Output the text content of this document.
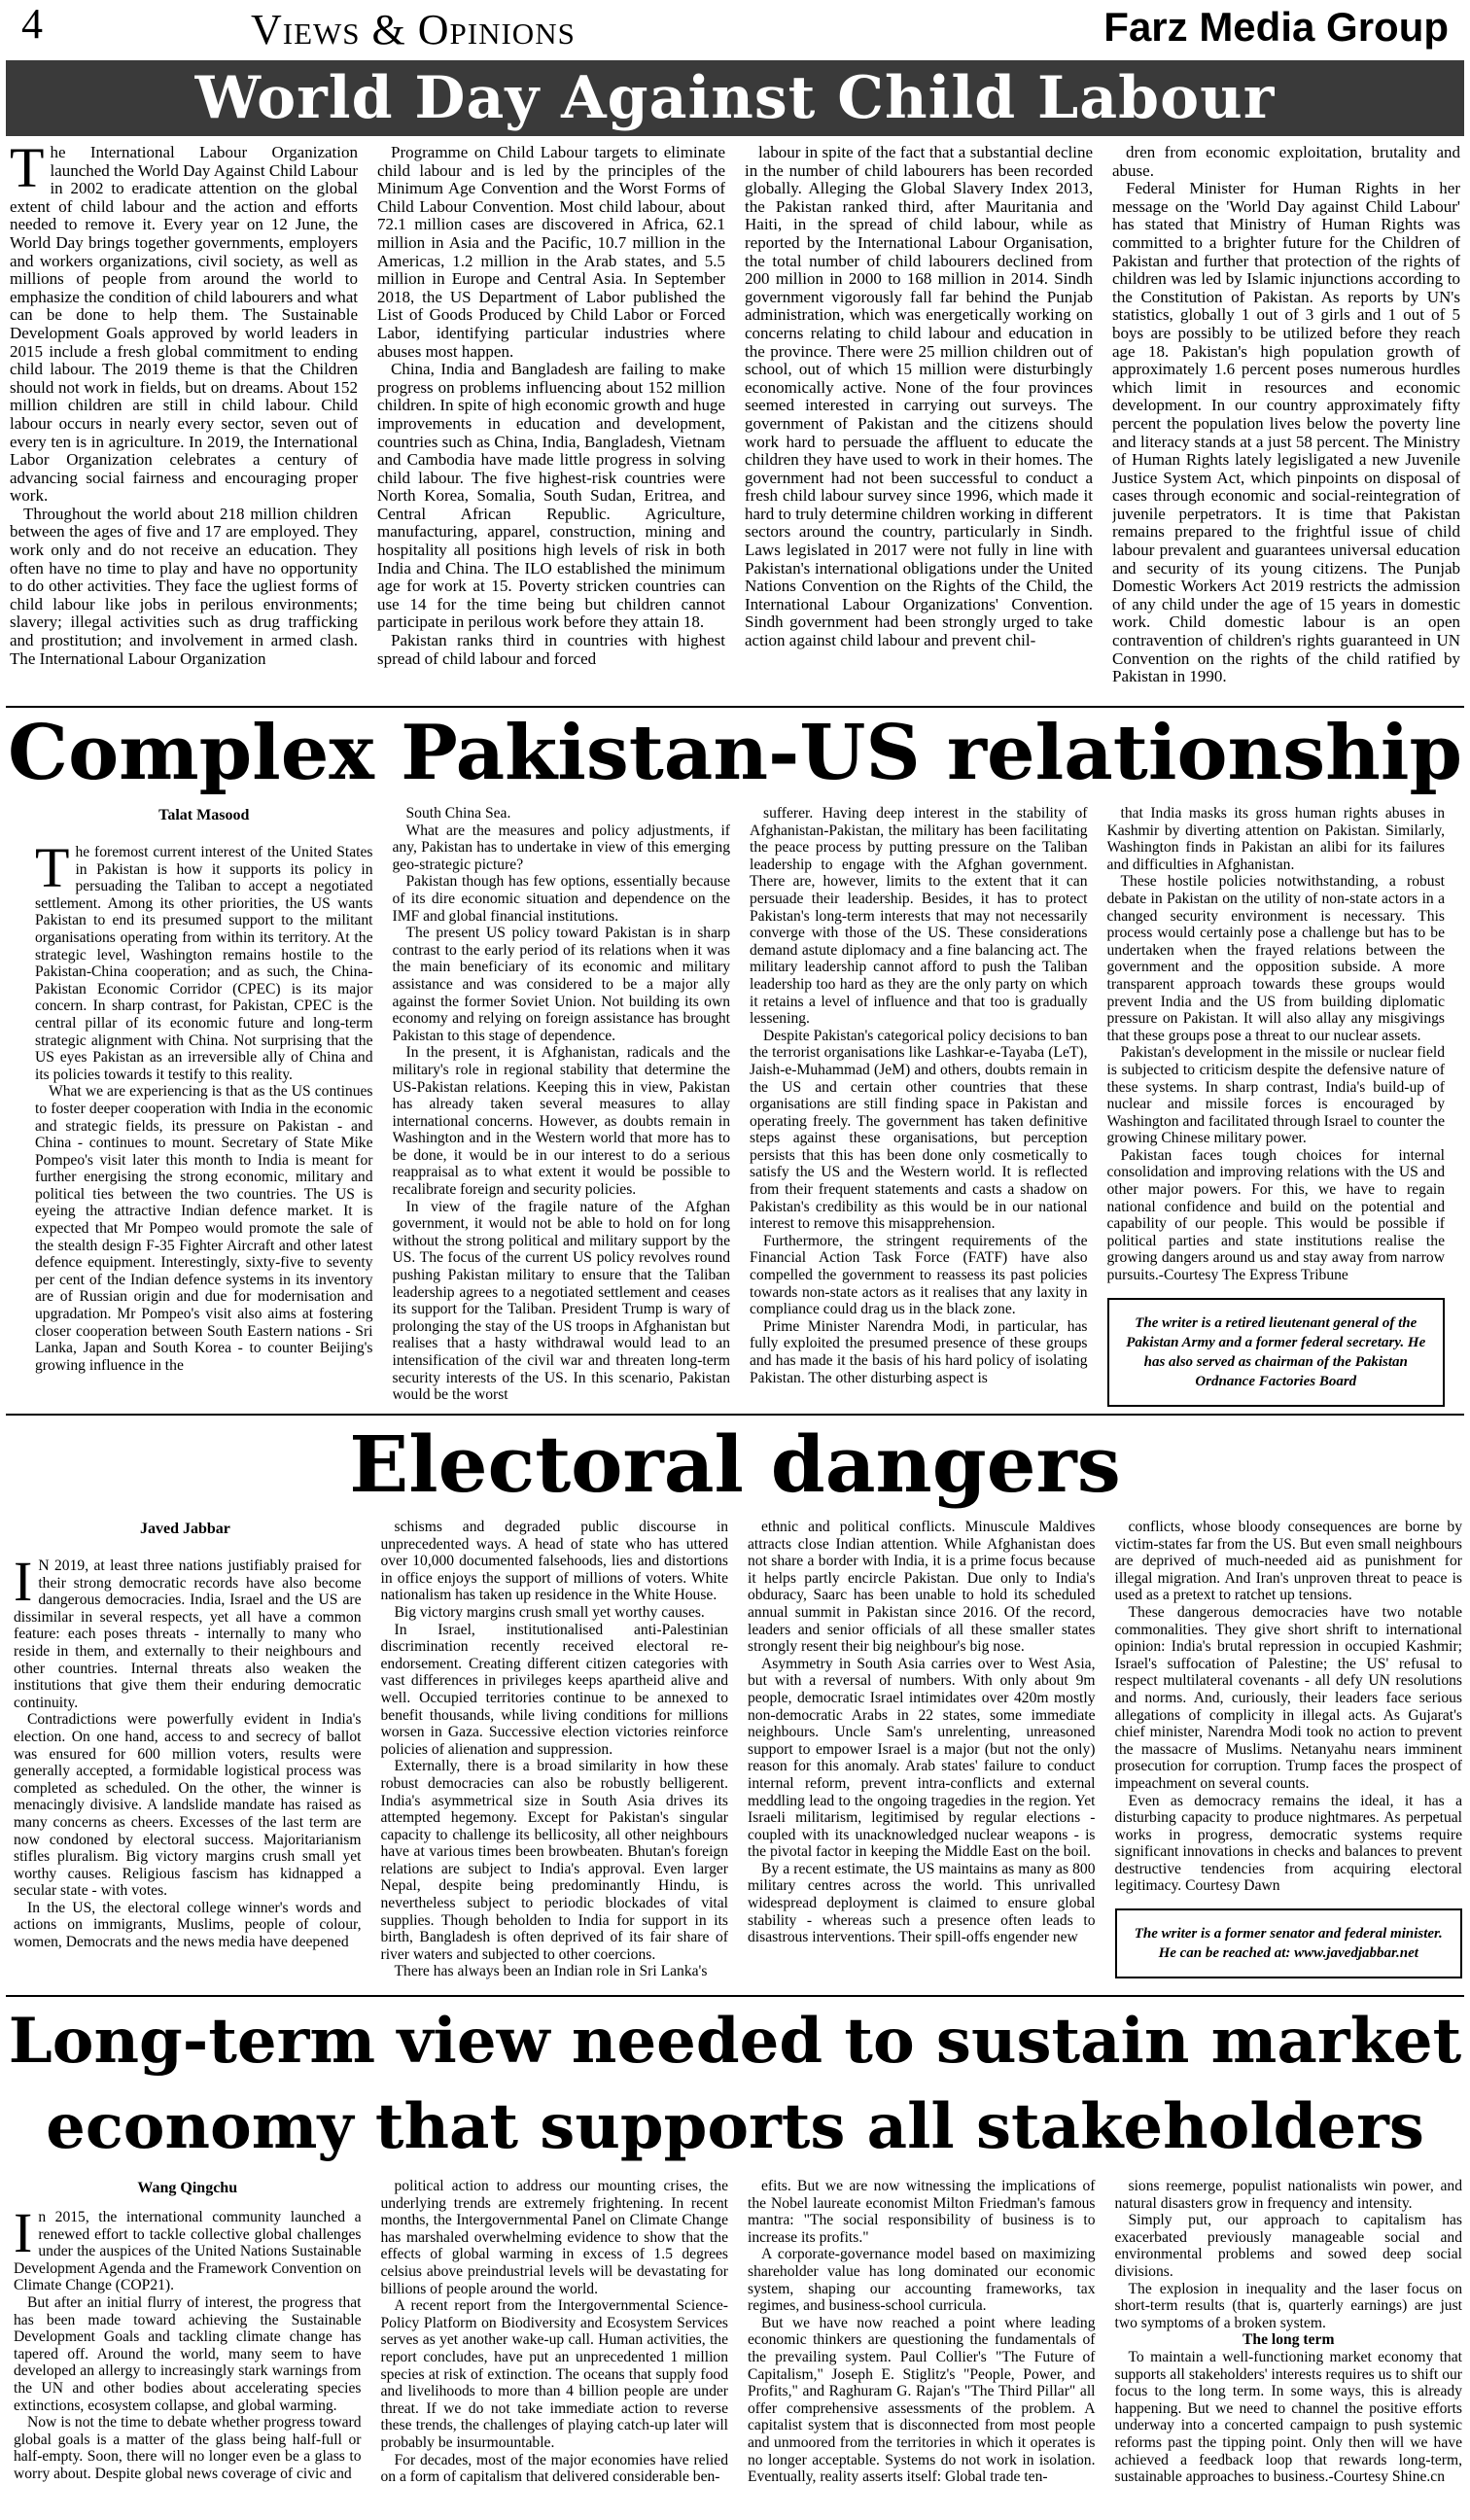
4	Views & Opinions	Farz Media Group
World Day Against Child Labour

The International Labour Organization launched the World Day Against Child Labour in 2002 to eradicate attention on the global extent of child labour and the action and efforts needed to remove it. Every year on 12 June, the World Day brings together governments, employers and workers organizations, civil society, as well as millions of people from around the world to emphasize the condition of child labourers and what can be done to help them. The Sustainable Development Goals approved by world leaders in 2015 include a fresh global commitment to ending child labour. The 2019 theme is that the Children should not work in fields, but on dreams. About 152 million children are still in child labour. Child labour occurs in nearly every sector, seven out of every ten is in agriculture. In 2019, the International Labor Organization celebrates a century of advancing social fairness and encouraging proper work.

Throughout the world about 218 million children between the ages of five and 17 are employed. They work only and do not receive an education. They often have no time to play and have no opportunity to do other activities. They face the ugliest forms of child labour like jobs in perilous environments; slavery; illegal activities such as drug trafficking and prostitution; and involvement in armed clash. The International Labour Organization

Programme on Child Labour targets to eliminate child labour and is led by the principles of the Minimum Age Convention and the Worst Forms of Child Labour Convention. Most child labour, about 72.1 million cases are discovered in Africa, 62.1 million in Asia and the Pacific, 10.7 million in the Americas, 1.2 million in the Arab states, and 5.5 million in Europe and Central Asia. In September 2018, the US Department of Labor published the List of Goods Produced by Child Labor or Forced Labor, identifying particular industries where abuses most happen.

China, India and Bangladesh are failing to make progress on problems influencing about 152 million children. In spite of high economic growth and huge improvements in education and development, countries such as China, India, Bangladesh, Vietnam and Cambodia have made little progress in solving child labour. The five highest-risk countries were North Korea, Somalia, South Sudan, Eritrea, and Central African Republic. Agriculture, manufacturing, apparel, construction, mining and hospitality all positions high levels of risk in both India and China. The ILO established the minimum age for work at 15. Poverty stricken countries can use 14 for the time being but children cannot participate in perilous work before they attain 18.

Pakistan ranks third in countries with highest spread of child labour and forced

labour in spite of the fact that a substantial decline in the number of child labourers has been recorded globally. Alleging the Global Slavery Index 2013, the Pakistan ranked third, after Mauritania and Haiti, in the spread of child labour, while as reported by the International Labour Organisation, the total number of child labourers declined from 200 million in 2000 to 168 million in 2014. Sindh government vigorously fall far behind the Punjab administration, which was energetically working on concerns relating to child labour and education in the province. There were 25 million children out of school, out of which 15 million were disturbingly economically active. None of the four provinces seemed interested in carrying out surveys. The government of Pakistan and the citizens should work hard to persuade the affluent to educate the children they have used to work in their homes. The government had not been successful to conduct a fresh child labour survey since 1996, which made it hard to truly determine children working in different sectors around the country, particularly in Sindh. Laws legislated in 2017 were not fully in line with Pakistan's international obligations under the United Nations Convention on the Rights of the Child, the International Labour Organizations' Convention. Sindh government had been strongly urged to take action against child labour and prevent chil-

dren from economic exploitation, brutality and abuse.

Federal Minister for Human Rights in her message on the 'World Day against Child Labour' has stated that Ministry of Human Rights was committed to a brighter future for the Children of Pakistan and further that protection of the rights of children was led by Islamic injunctions according to the Constitution of Pakistan. As reports by UN's statistics, globally 1 out of 3 girls and 1 out of 5 boys are possibly to be utilized before they reach age 18. Pakistan's high population growth of approximately 1.6 percent poses numerous hurdles which limit in resources and economic development. In our country approximately fifty percent the population lives below the poverty line and literacy stands at a just 58 percent. The Ministry of Human Rights lately legisligated a new Juvenile Justice System Act, which pinpoints on disposal of cases through economic and social-reintegration of juvenile perpetrators. It is time that Pakistan remains prepared to the frightful issue of child labour prevalent and guarantees universal education and security of its young citizens. The Punjab Domestic Workers Act 2019 restricts the admission of any child under the age of 15 years in domestic work. Child domestic labour is an open contravention of children's rights guaranteed in UN Convention on the rights of the child ratified by Pakistan in 1990.

Complex Pakistan-US relationship
Talat Masood

The foremost current interest of the United States in Pakistan is how it supports its policy in persuading the Taliban to accept a negotiated settlement. Among its other priorities, the US wants Pakistan to end its presumed support to the militant organisations operating from within its territory. At the strategic level, Washington remains hostile to the Pakistan-China cooperation; and as such, the China-Pakistan Economic Corridor (CPEC) is its major concern. In sharp contrast, for Pakistan, CPEC is the central pillar of its economic future and long-term strategic alignment with China. Not surprising that the US eyes Pakistan as an irreversible ally of China and its policies towards it testify to this reality.

What we are experiencing is that as the US continues to foster deeper cooperation with India in the economic and strategic fields, its pressure on Pakistan - and China - continues to mount. Secretary of State Mike Pompeo's visit later this month to India is meant for further energising the strong economic, military and political ties between the two countries. The US is eyeing the attractive Indian defence market. It is expected that Mr Pompeo would promote the sale of the stealth design F-35 Fighter Aircraft and other latest defence equipment. Interestingly, sixty-five to seventy per cent of the Indian defence systems in its inventory are of Russian origin and due for modernisation and upgradation. Mr Pompeo's visit also aims at fostering closer cooperation between South Eastern nations - Sri Lanka, Japan and South Korea - to counter Beijing's growing influence in the

South China Sea.

What are the measures and policy adjustments, if any, Pakistan has to undertake in view of this emerging geo-strategic picture?

Pakistan though has few options, essentially because of its dire economic situation and dependence on the IMF and global financial institutions.

The present US policy toward Pakistan is in sharp contrast to the early period of its relations when it was the main beneficiary of its economic and military assistance and was considered to be a major ally against the former Soviet Union. Not building its own economy and relying on foreign assistance has brought Pakistan to this stage of dependence.

In the present, it is Afghanistan, radicals and the military's role in regional stability that determine the US-Pakistan relations. Keeping this in view, Pakistan has already taken several measures to allay international concerns. However, as doubts remain in Washington and in the Western world that more has to be done, it would be in our interest to do a serious reappraisal as to what extent it would be possible to recalibrate foreign and security policies.

In view of the fragile nature of the Afghan government, it would not be able to hold on for long without the strong political and military support by the US. The focus of the current US policy revolves round pushing Pakistan military to ensure that the Taliban leadership agrees to a negotiated settlement and ceases its support for the Taliban. President Trump is wary of prolonging the stay of the US troops in Afghanistan but realises that a hasty withdrawal would lead to an intensification of the civil war and threaten long-term security interests of the US. In this scenario, Pakistan would be the worst

sufferer. Having deep interest in the stability of Afghanistan-Pakistan, the military has been facilitating the peace process by putting pressure on the Taliban leadership to engage with the Afghan government. There are, however, limits to the extent that it can persuade their leadership. Besides, it has to protect Pakistan's long-term interests that may not necessarily converge with those of the US. These considerations demand astute diplomacy and a fine balancing act. The military leadership cannot afford to push the Taliban leadership too hard as they are the only party on which it retains a level of influence and that too is gradually lessening.

Despite Pakistan's categorical policy decisions to ban the terrorist organisations like Lashkar-e-Tayaba (LeT), Jaish-e-Muhammad (JeM) and others, doubts remain in the US and certain other countries that these organisations are still finding space in Pakistan and operating freely. The government has taken definitive steps against these organisations, but perception persists that this has been done only cosmetically to satisfy the US and the Western world. It is reflected from their frequent statements and casts a shadow on Pakistan's credibility as this would be in our national interest to remove this misapprehension.

Furthermore, the stringent requirements of the Financial Action Task Force (FATF) have also compelled the government to reassess its past policies towards non-state actors as it realises that any laxity in compliance could drag us in the black zone.

Prime Minister Narendra Modi, in particular, has fully exploited the presumed presence of these groups and has made it the basis of his hard policy of isolating Pakistan. The other disturbing aspect is

that India masks its gross human rights abuses in Kashmir by diverting attention on Pakistan. Similarly, Washington finds in Pakistan an alibi for its failures and difficulties in Afghanistan.

These hostile policies notwithstanding, a robust debate in Pakistan on the utility of non-state actors in a changed security environment is necessary. This process would certainly pose a challenge but has to be undertaken when the frayed relations between the government and the opposition subside. A more transparent approach towards these groups would prevent India and the US from building diplomatic pressure on Pakistan. It will also allay any misgivings that these groups pose a threat to our nuclear assets.

Pakistan's development in the missile or nuclear field is subjected to criticism despite the defensive nature of these systems. In sharp contrast, India's build-up of nuclear and missile forces is encouraged by Washington and facilitated through Israel to counter the growing Chinese military power.

Pakistan faces tough choices for internal consolidation and improving relations with the US and other major powers. For this, we have to regain national confidence and build on the potential and capability of our people. This would be possible if political parties and state institutions realise the growing dangers around us and stay away from narrow pursuits.-Courtesy The Express Tribune

The writer is a retired lieutenant general of the Pakistan Army and a former federal secretary. He has also served as chairman of the Pakistan Ordnance Factories Board
Electoral dangers
Javed Jabbar

I N 2019, at least three nations justifiably praised for their strong democratic records have also become dangerous democracies. India, Israel and the US are dissimilar in several respects, yet all have a common feature: each poses threats - internally to many who reside in them, and externally to their neighbours and other countries. Internal threats also weaken the institutions that give them their enduring democratic continuity.

Contradictions were powerfully evident in India's election. On one hand, access to and secrecy of ballot was ensured for 600 million voters, results were generally accepted, a formidable logistical process was completed as scheduled. On the other, the winner is menacingly divisive. A landslide mandate has raised as many concerns as cheers. Excesses of the last term are now condoned by electoral success. Majoritarianism stifles pluralism. Big victory margins crush small yet worthy causes. Religious fascism has kidnapped a secular state - with votes.

In the US, the electoral college winner's words and actions on immigrants, Muslims, people of colour, women, Democrats and the news media have deepened

schisms and degraded public discourse in unprecedented ways. A head of state who has uttered over 10,000 documented falsehoods, lies and distortions in office enjoys the support of millions of voters. White nationalism has taken up residence in the White House.

Big victory margins crush small yet worthy causes.

In Israel, institutionalised anti-Palestinian discrimination recently received electoral re-endorsement. Creating different citizen categories with vast differences in privileges keeps apartheid alive and well. Occupied territories continue to be annexed to benefit thousands, while living conditions for millions worsen in Gaza. Successive election victories reinforce policies of alienation and suppression.

Externally, there is a broad similarity in how these robust democracies can also be robustly belligerent. India's asymmetrical size in South Asia drives its attempted hegemony. Except for Pakistan's singular capacity to challenge its bellicosity, all other neighbours have at various times been browbeaten. Bhutan's foreign relations are subject to India's approval. Even larger Nepal, despite being predominantly Hindu, is nevertheless subject to periodic blockades of vital supplies. Though beholden to India for support in its birth, Bangladesh is often deprived of its fair share of river waters and subjected to other coercions.

There has always been an Indian role in Sri Lanka's

ethnic and political conflicts. Minuscule Maldives attracts close Indian attention. While Afghanistan does not share a border with India, it is a prime focus because it helps partly encircle Pakistan. Due only to India's obduracy, Saarc has been unable to hold its scheduled annual summit in Pakistan since 2016. Of the record, leaders and senior officials of all these smaller states strongly resent their big neighbour's big nose.

Asymmetry in South Asia carries over to West Asia, but with a reversal of numbers. With only about 9m people, democratic Israel intimidates over 420m mostly non-democratic Arabs in 22 states, some immediate neighbours. Uncle Sam's unrelenting, unreasoned support to empower Israel is a major (but not the only) reason for this anomaly. Arab states' failure to conduct internal reform, prevent intra-conflicts and external meddling lead to the ongoing tragedies in the region. Yet Israeli militarism, legitimised by regular elections - coupled with its unacknowledged nuclear weapons - is the pivotal factor in keeping the Middle East on the boil.

By a recent estimate, the US maintains as many as 800 military centres across the world. This unrivalled widespread deployment is claimed to ensure global stability - whereas such a presence often leads to disastrous interventions. Their spill-offs engender new

conflicts, whose bloody consequences are borne by victim-states far from the US. But even small neighbours are deprived of much-needed aid as punishment for illegal migration. And Iran's unproven threat to peace is used as a pretext to ratchet up tensions.

These dangerous democracies have two notable commonalities. They give short shrift to international opinion: India's brutal repression in occupied Kashmir; Israel's suffocation of Palestine; the US' refusal to respect multilateral covenants - all defy UN resolutions and norms. And, curiously, their leaders face serious allegations of complicity in illegal acts. As Gujarat's chief minister, Narendra Modi took no action to prevent the massacre of Muslims. Netanyahu nears imminent prosecution for corruption. Trump faces the prospect of impeachment on several counts.

Even as democracy remains the ideal, it has a disturbing capacity to produce nightmares. As perpetual works in progress, democratic systems require significant innovations in checks and balances to prevent destructive tendencies from acquiring electoral legitimacy. Courtesy Dawn

The writer is a former senator and federal minister. He can be reached at: www.javedjabbar.net
Long-term view needed to sustain market
economy that supports all stakeholders
Wang Qingchu

In 2015, the international community launched a renewed effort to tackle collective global challenges under the auspices of the United Nations Sustainable Development Agenda and the Framework Convention on Climate Change (COP21).

But after an initial flurry of interest, the progress that has been made toward achieving the Sustainable Development Goals and tackling climate change has tapered off. Around the world, many seem to have developed an allergy to increasingly stark warnings from the UN and other bodies about accelerating species extinctions, ecosystem collapse, and global warming.

Now is not the time to debate whether progress toward global goals is a matter of the glass being half-full or half-empty. Soon, there will no longer even be a glass to worry about. Despite global news coverage of civic and

political action to address our mounting crises, the underlying trends are extremely frightening. In recent months, the Intergovernmental Panel on Climate Change has marshaled overwhelming evidence to show that the effects of global warming in excess of 1.5 degrees celsius above preindustrial levels will be devastating for billions of people around the world.

A recent report from the Intergovernmental Science-Policy Platform on Biodiversity and Ecosystem Services serves as yet another wake-up call. Human activities, the report concludes, have put an unprecedented 1 million species at risk of extinction. The oceans that supply food and livelihoods to more than 4 billion people are under threat. If we do not take immediate action to reverse these trends, the challenges of playing catch-up later will probably be insurmountable.

For decades, most of the major economies have relied on a form of capitalism that delivered considerable ben-

efits. But we are now witnessing the implications of the Nobel laureate economist Milton Friedman's famous mantra: "The social responsibility of business is to increase its profits."

A corporate-governance model based on maximizing shareholder value has long dominated our economic system, shaping our accounting frameworks, tax regimes, and business-school curricula.

But we have now reached a point where leading economic thinkers are questioning the fundamentals of the prevailing system. Paul Collier's "The Future of Capitalism," Joseph E. Stiglitz's "People, Power, and Profits," and Raghuram G. Rajan's "The Third Pillar" all offer comprehensive assessments of the problem. A capitalist system that is disconnected from most people and unmoored from the territories in which it operates is no longer acceptable. Systems do not work in isolation. Eventually, reality asserts itself: Global trade ten-

sions reemerge, populist nationalists win power, and natural disasters grow in frequency and intensity.

Simply put, our approach to capitalism has exacerbated previously manageable social and environmental problems and sowed deep social divisions.

The explosion in inequality and the laser focus on short-term results (that is, quarterly earnings) are just two symptoms of a broken system.

The long term

To maintain a well-functioning market economy that supports all stakeholders' interests requires us to shift our focus to the long term. In some ways, this is already happening. But we need to channel the positive efforts underway into a concerted campaign to push systemic reforms past the tipping point. Only then will we have achieved a feedback loop that rewards long-term, sustainable approaches to business.-Courtesy Shine.cn
